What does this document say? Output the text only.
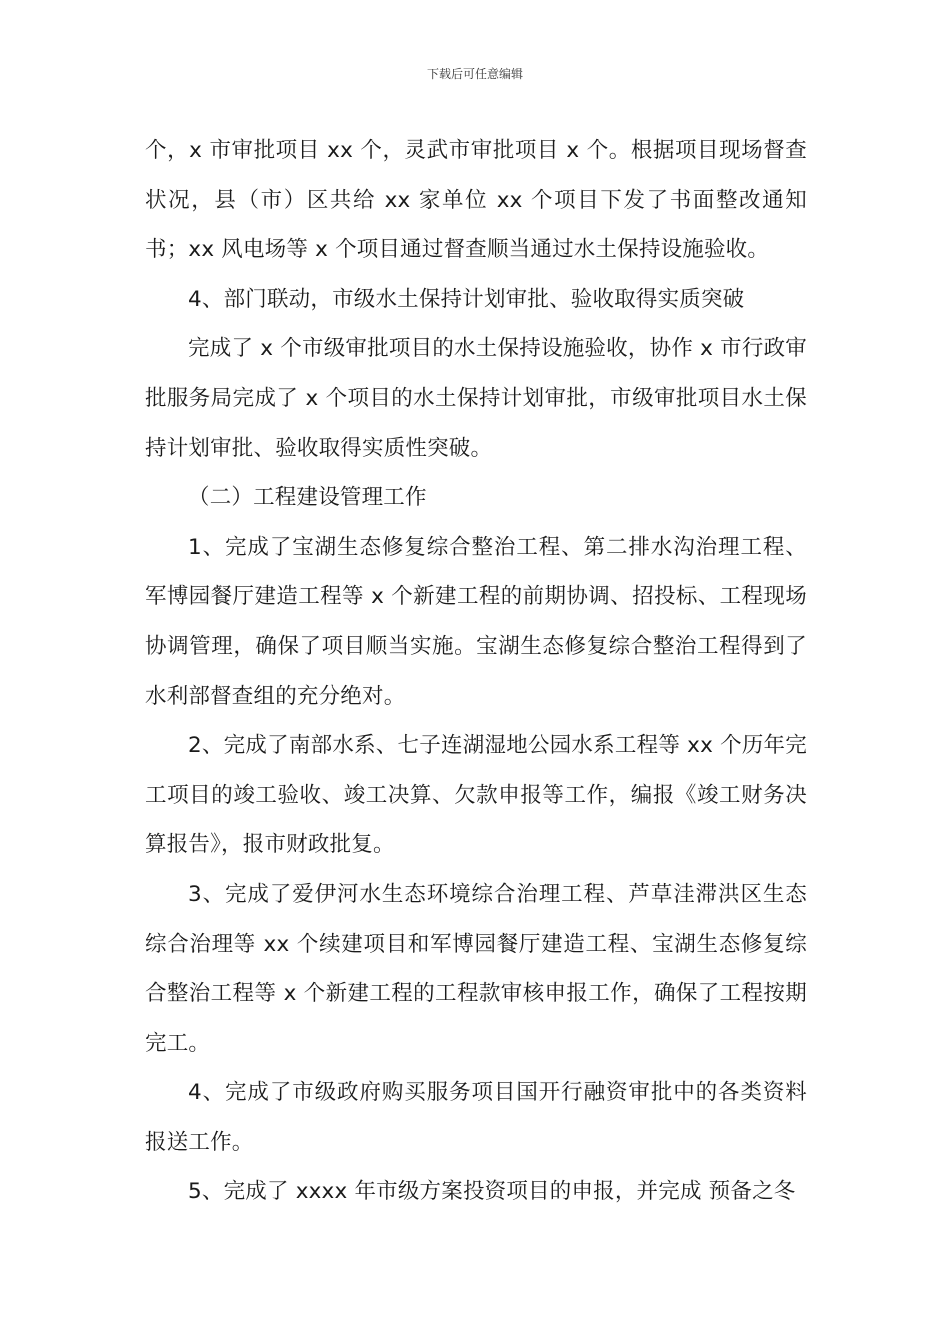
下载后可任意编辑

个，x 市审批项目 xx 个，灵武市审批项目 x 个。根据项目现场督查状况，县（市）区共给 xx 家单位 xx 个项目下发了书面整改通知书；xx 风电场等 x 个项目通过督查顺当通过水土保持设施验收。

4、部门联动，市级水土保持计划审批、验收取得实质突破

完成了 x 个市级审批项目的水土保持设施验收，协作 x 市行政审批服务局完成了 x 个项目的水土保持计划审批，市级审批项目水土保持计划审批、验收取得实质性突破。

（二）工程建设管理工作

1、完成了宝湖生态修复综合整治工程、第二排水沟治理工程、军博园餐厅建造工程等 x 个新建工程的前期协调、招投标、工程现场协调管理，确保了项目顺当实施。宝湖生态修复综合整治工程得到了水利部督查组的充分绝对。

2、完成了南部水系、七子连湖湿地公园水系工程等 xx 个历年完工项目的竣工验收、竣工决算、欠款申报等工作，编报《竣工财务决算报告》，报市财政批复。

3、完成了爱伊河水生态环境综合治理工程、芦草洼滞洪区生态综合治理等 xx 个续建项目和军博园餐厅建造工程、宝湖生态修复综合整治工程等 x 个新建工程的工程款审核申报工作，确保了工程按期完工。

4、完成了市级政府购买服务项目国开行融资审批中的各类资料报送工作。

5、完成了 xxxx 年市级方案投资项目的申报，并完成 预备之冬
